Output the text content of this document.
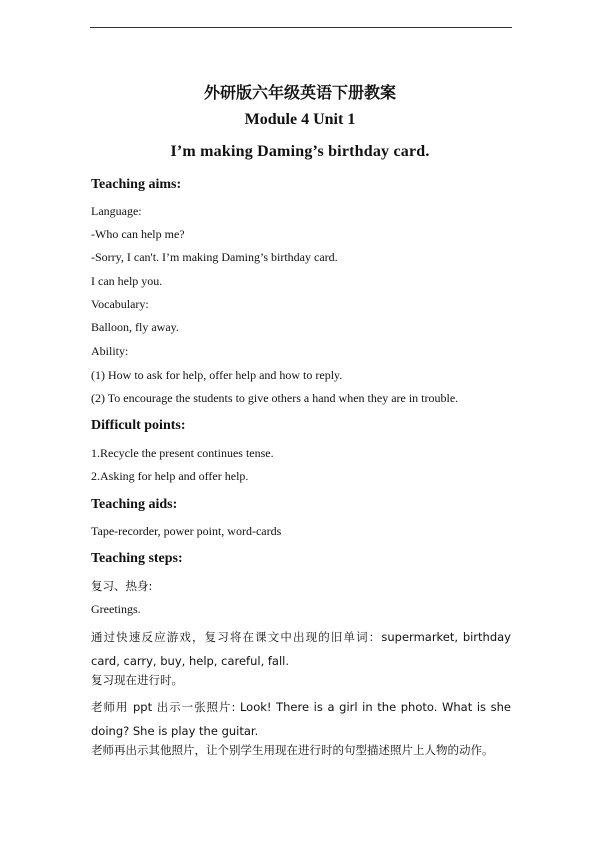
外研版六年级英语下册教案
Module 4 Unit 1
I’m making Daming’s birthday card.
Teaching aims:
Language:
-Who can help me?
-Sorry, I can't. I’m making Daming’s birthday card.
I can help you.
Vocabulary:
Balloon, fly away.
Ability:
(1) How to ask for help, offer help and how to reply.
(2) To encourage the students to give others a hand when they are in trouble.
Difficult points:
1.Recycle the present continues tense.
2.Asking for help and offer help.
Teaching aids:
Tape-recorder, power point, word-cards
Teaching steps:
复习、热身:
Greetings.
通过快速反应游戏，复习将在课文中出现的旧单词：supermarket, birthday card, carry, buy, help, careful, fall.
复习现在进行时。
老师用 ppt 出示一张照片: Look! There is a girl in the photo. What is she doing? She is play the guitar.
老师再出示其他照片，让个别学生用现在进行时的句型描述照片上人物的动作。
